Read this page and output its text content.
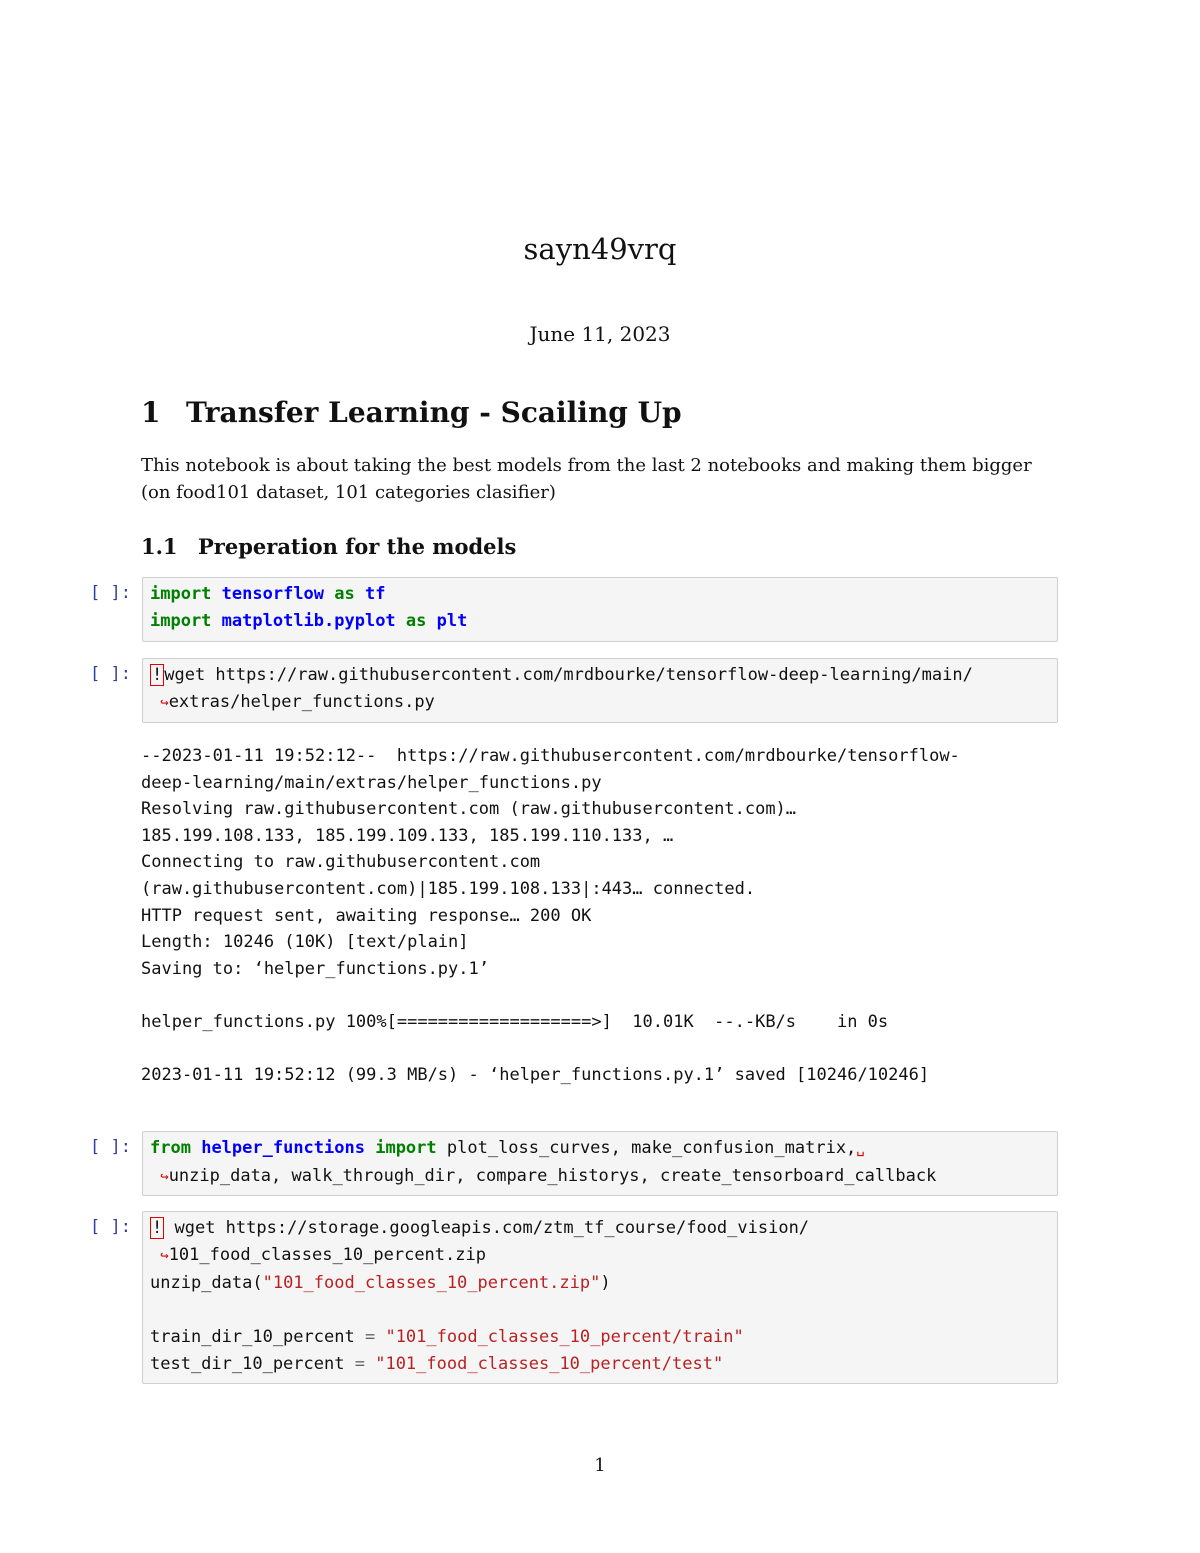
sayn49vrq
June 11, 2023
1 Transfer Learning - Scailing Up
This notebook is about taking the best models from the last 2 notebooks and making them bigger (on food101 dataset, 101 categories clasifier)
1.1 Preperation for the models
[ ]: import tensorflow as tf
import matplotlib.pyplot as plt
[ ]: ! wget https://raw.githubusercontent.com/mrdbourke/tensorflow-deep-learning/main/
↪extras/helper_functions.py
--2023-01-11 19:52:12--  https://raw.githubusercontent.com/mrdbourke/tensorflow-
deep-learning/main/extras/helper_functions.py
Resolving raw.githubusercontent.com (raw.githubusercontent.com)…
185.199.108.133, 185.199.109.133, 185.199.110.133, …
Connecting to raw.githubusercontent.com
(raw.githubusercontent.com)|185.199.108.133|:443… connected.
HTTP request sent, awaiting response… 200 OK
Length: 10246 (10K) [text/plain]
Saving to: ‘helper_functions.py.1’

helper_functions.py 100%[===================>]  10.01K  --.-KB/s    in 0s

2023-01-11 19:52:12 (99.3 MB/s) - ‘helper_functions.py.1’ saved [10246/10246]
[ ]: from helper_functions import plot_loss_curves, make_confusion_matrix,␣
↪unzip_data, walk_through_dir, compare_historys, create_tensorboard_callback
[ ]: ! wget https://storage.googleapis.com/ztm_tf_course/food_vision/
↪101_food_classes_10_percent.zip
unzip_data("101_food_classes_10_percent.zip")

train_dir_10_percent = "101_food_classes_10_percent/train"
test_dir_10_percent = "101_food_classes_10_percent/test"
1
